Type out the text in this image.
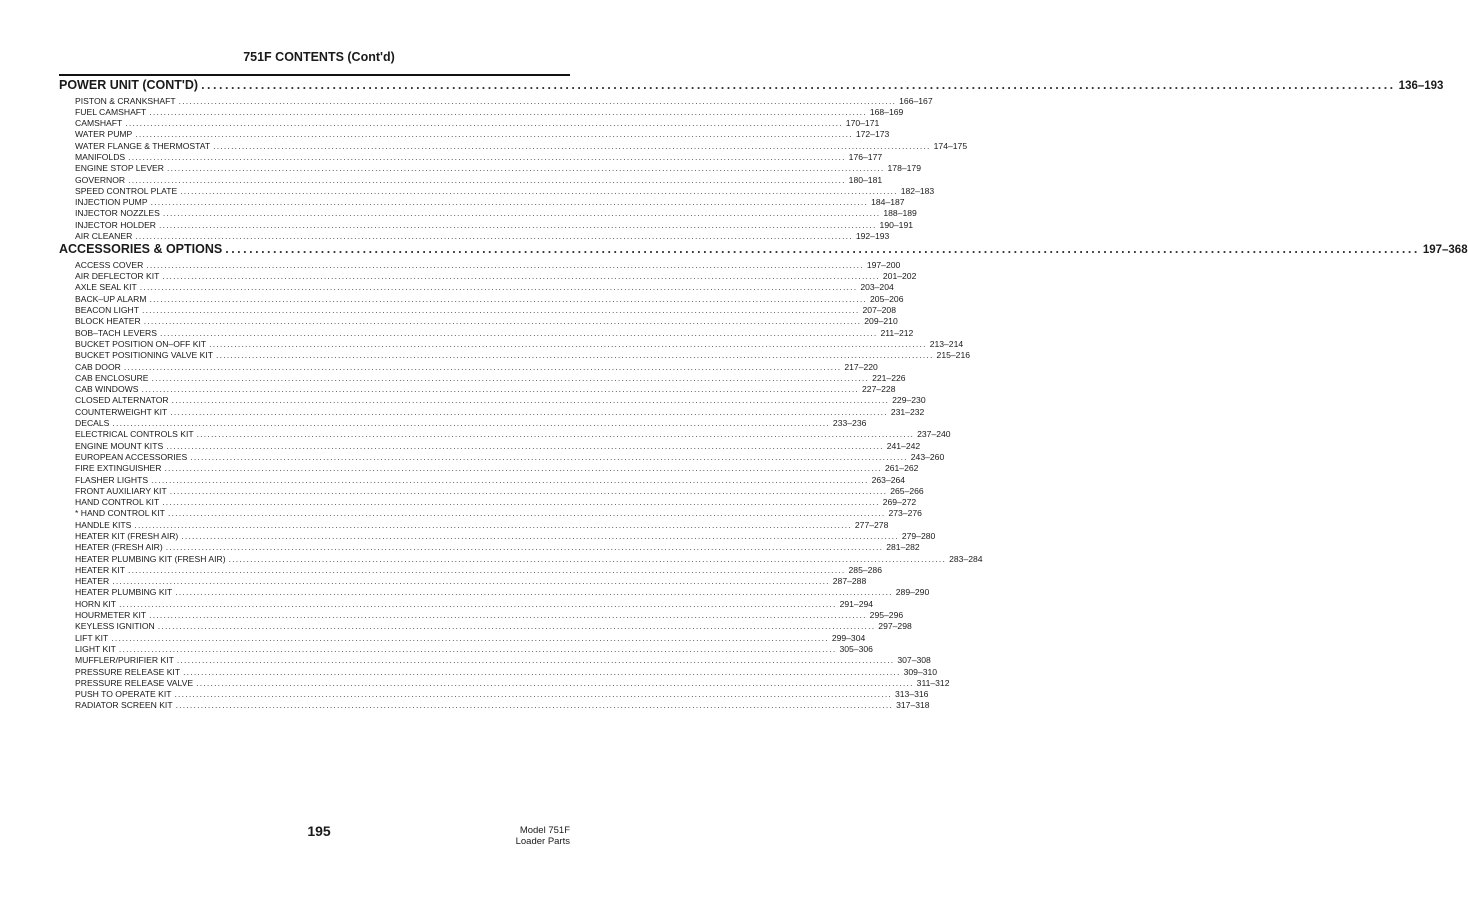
751F CONTENTS (Cont'd)
POWER UNIT (CONT'D) ........................................................................................................................................................................................................ 136–193
PISTON & CRANKSHAFT ........................................................................................................................................................................................................ 166–167
FUEL CAMSHAFT ........................................................................................................................................................................................................ 168–169
CAMSHAFT ........................................................................................................................................................................................................ 170–171
WATER PUMP ........................................................................................................................................................................................................ 172–173
WATER FLANGE & THERMOSTAT ........................................................................................................................................................................................................ 174–175
MANIFOLDS ........................................................................................................................................................................................................ 176–177
ENGINE STOP LEVER ........................................................................................................................................................................................................ 178–179
GOVERNOR ........................................................................................................................................................................................................ 180–181
SPEED CONTROL PLATE ........................................................................................................................................................................................................ 182–183
INJECTION PUMP ........................................................................................................................................................................................................ 184–187
INJECTOR NOZZLES ........................................................................................................................................................................................................ 188–189
INJECTOR HOLDER ........................................................................................................................................................................................................ 190–191
AIR CLEANER ........................................................................................................................................................................................................ 192–193
ACCESSORIES & OPTIONS ........................................................................................................................................................................................................ 197–368
ACCESS COVER ........................................................................................................................................................................................................ 197–200
AIR DEFLECTOR KIT ........................................................................................................................................................................................................ 201–202
AXLE SEAL KIT ........................................................................................................................................................................................................ 203–204
BACK–UP ALARM ........................................................................................................................................................................................................ 205–206
BEACON LIGHT ........................................................................................................................................................................................................ 207–208
BLOCK HEATER ........................................................................................................................................................................................................ 209–210
BOB–TACH LEVERS ........................................................................................................................................................................................................ 211–212
BUCKET POSITION ON–OFF KIT ........................................................................................................................................................................................................ 213–214
BUCKET POSITIONING VALVE KIT ........................................................................................................................................................................................................ 215–216
CAB DOOR ........................................................................................................................................................................................................ 217–220
CAB ENCLOSURE ........................................................................................................................................................................................................ 221–226
CAB WINDOWS ........................................................................................................................................................................................................ 227–228
CLOSED ALTERNATOR ........................................................................................................................................................................................................ 229–230
COUNTERWEIGHT KIT ........................................................................................................................................................................................................ 231–232
DECALS ........................................................................................................................................................................................................ 233–236
ELECTRICAL CONTROLS KIT ........................................................................................................................................................................................................ 237–240
ENGINE MOUNT KITS ........................................................................................................................................................................................................ 241–242
EUROPEAN ACCESSORIES ........................................................................................................................................................................................................ 243–260
FIRE EXTINGUISHER ........................................................................................................................................................................................................ 261–262
FLASHER LIGHTS ........................................................................................................................................................................................................ 263–264
FRONT AUXILIARY KIT ........................................................................................................................................................................................................ 265–266
HAND CONTROL KIT ........................................................................................................................................................................................................ 269–272
* HAND CONTROL KIT ........................................................................................................................................................................................................ 273–276
HANDLE KITS ........................................................................................................................................................................................................ 277–278
HEATER KIT (FRESH AIR) ........................................................................................................................................................................................................ 279–280
HEATER (FRESH AIR) ........................................................................................................................................................................................................ 281–282
HEATER PLUMBING KIT (FRESH AIR) ........................................................................................................................................................................................................ 283–284
HEATER KIT ........................................................................................................................................................................................................ 285–286
HEATER ........................................................................................................................................................................................................ 287–288
HEATER PLUMBING KIT ........................................................................................................................................................................................................ 289–290
HORN KIT ........................................................................................................................................................................................................ 291–294
HOURMETER KIT ........................................................................................................................................................................................................ 295–296
KEYLESS IGNITION ........................................................................................................................................................................................................ 297–298
LIFT KIT ........................................................................................................................................................................................................ 299–304
LIGHT KIT ........................................................................................................................................................................................................ 305–306
MUFFLER/PURIFIER KIT ........................................................................................................................................................................................................ 307–308
PRESSURE RELEASE KIT ........................................................................................................................................................................................................ 309–310
PRESSURE RELEASE VALVE ........................................................................................................................................................................................................ 311–312
PUSH TO OPERATE KIT ........................................................................................................................................................................................................ 313–316
RADIATOR SCREEN KIT ........................................................................................................................................................................................................ 317–318
195	Model 751F
Loader Parts
